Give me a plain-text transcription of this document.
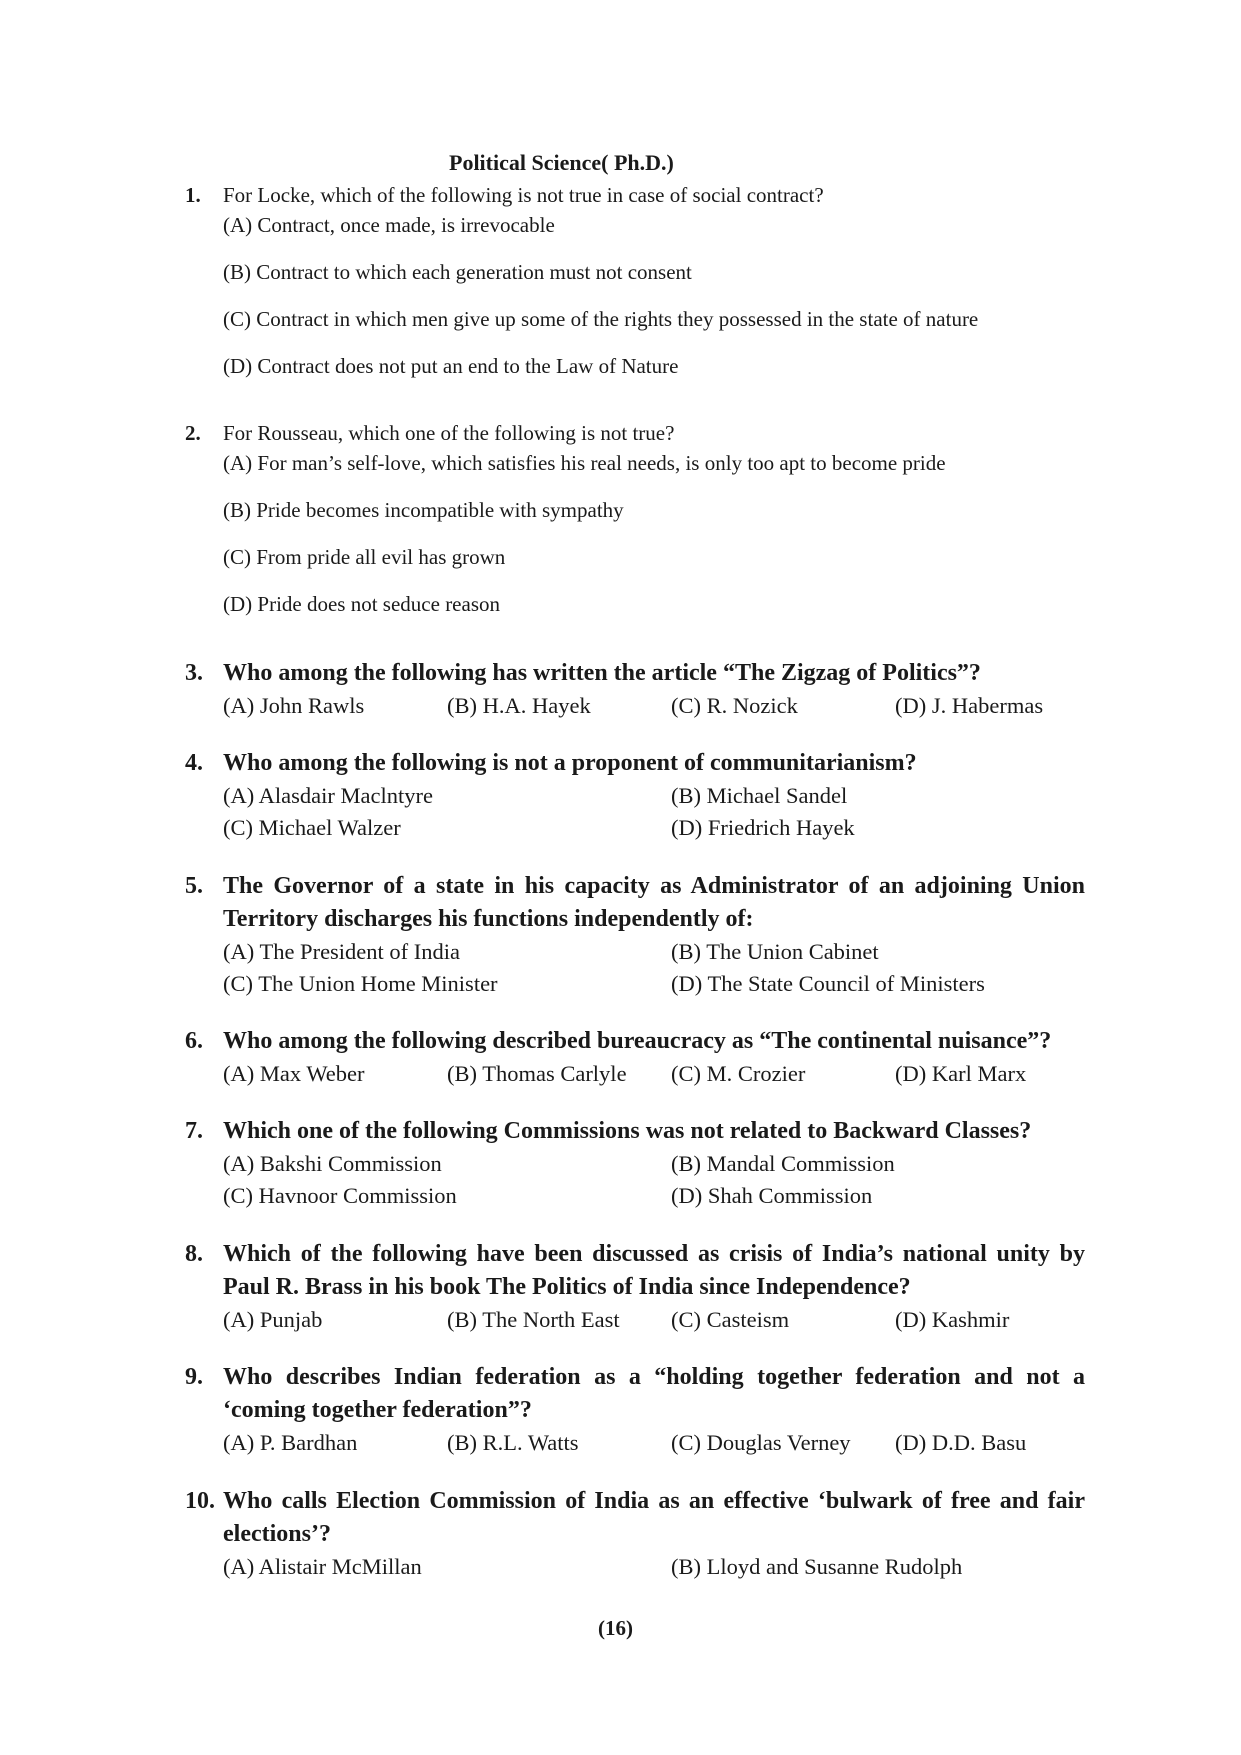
Political Science( Ph.D.)
1.	For Locke, which of the following is not true in case of social contract?
(A) Contract, once made, is irrevocable
(B) Contract to which each generation must not consent
(C) Contract in which men give up some of the rights they possessed in the state of nature
(D) Contract does not put an end to the Law of Nature
2.	For Rousseau, which one of the following is not true?
(A) For man’s self-love, which satisfies his real needs, is only too apt to become pride
(B) Pride becomes incompatible with sympathy
(C) From pride all evil has grown
(D) Pride does not seduce reason
3. Who among the following has written the article “The Zigzag of Politics”?
(A) John Rawls	(B) H.A. Hayek	(C) R. Nozick	(D) J. Habermas
4. Who among the following is not a proponent of communitarianism?
(A) Alasdair Maclntyre	(B) Michael Sandel
(C) Michael Walzer	(D) Friedrich Hayek
5. The Governor of a state in his capacity as Administrator of an adjoining Union Territory discharges his functions independently of:
(A) The President of India	(B) The Union Cabinet
(C) The Union Home Minister	(D) The State Council of Ministers
6. Who among the following described bureaucracy as “The continental nuisance”?
(A) Max Weber	(B) Thomas Carlyle	(C) M. Crozier	(D) Karl Marx
7. Which one of the following Commissions was not related to Backward Classes?
(A) Bakshi Commission	(B) Mandal Commission
(C) Havnoor Commission	(D) Shah Commission
8. Which of the following have been discussed as crisis of India’s national unity by Paul R. Brass in his book The Politics of India since Independence?
(A) Punjab	(B) The North East	(C) Casteism	(D) Kashmir
9. Who describes Indian federation as a “holding together federation and not a ‘coming together federation”?
(A) P. Bardhan	(B) R.L. Watts	(C) Douglas Verney	(D) D.D. Basu
10. Who calls Election Commission of India as an effective ‘bulwark of free and fair elections’?
(A) Alistair McMillan	(B) Lloyd and Susanne Rudolph
(16)
